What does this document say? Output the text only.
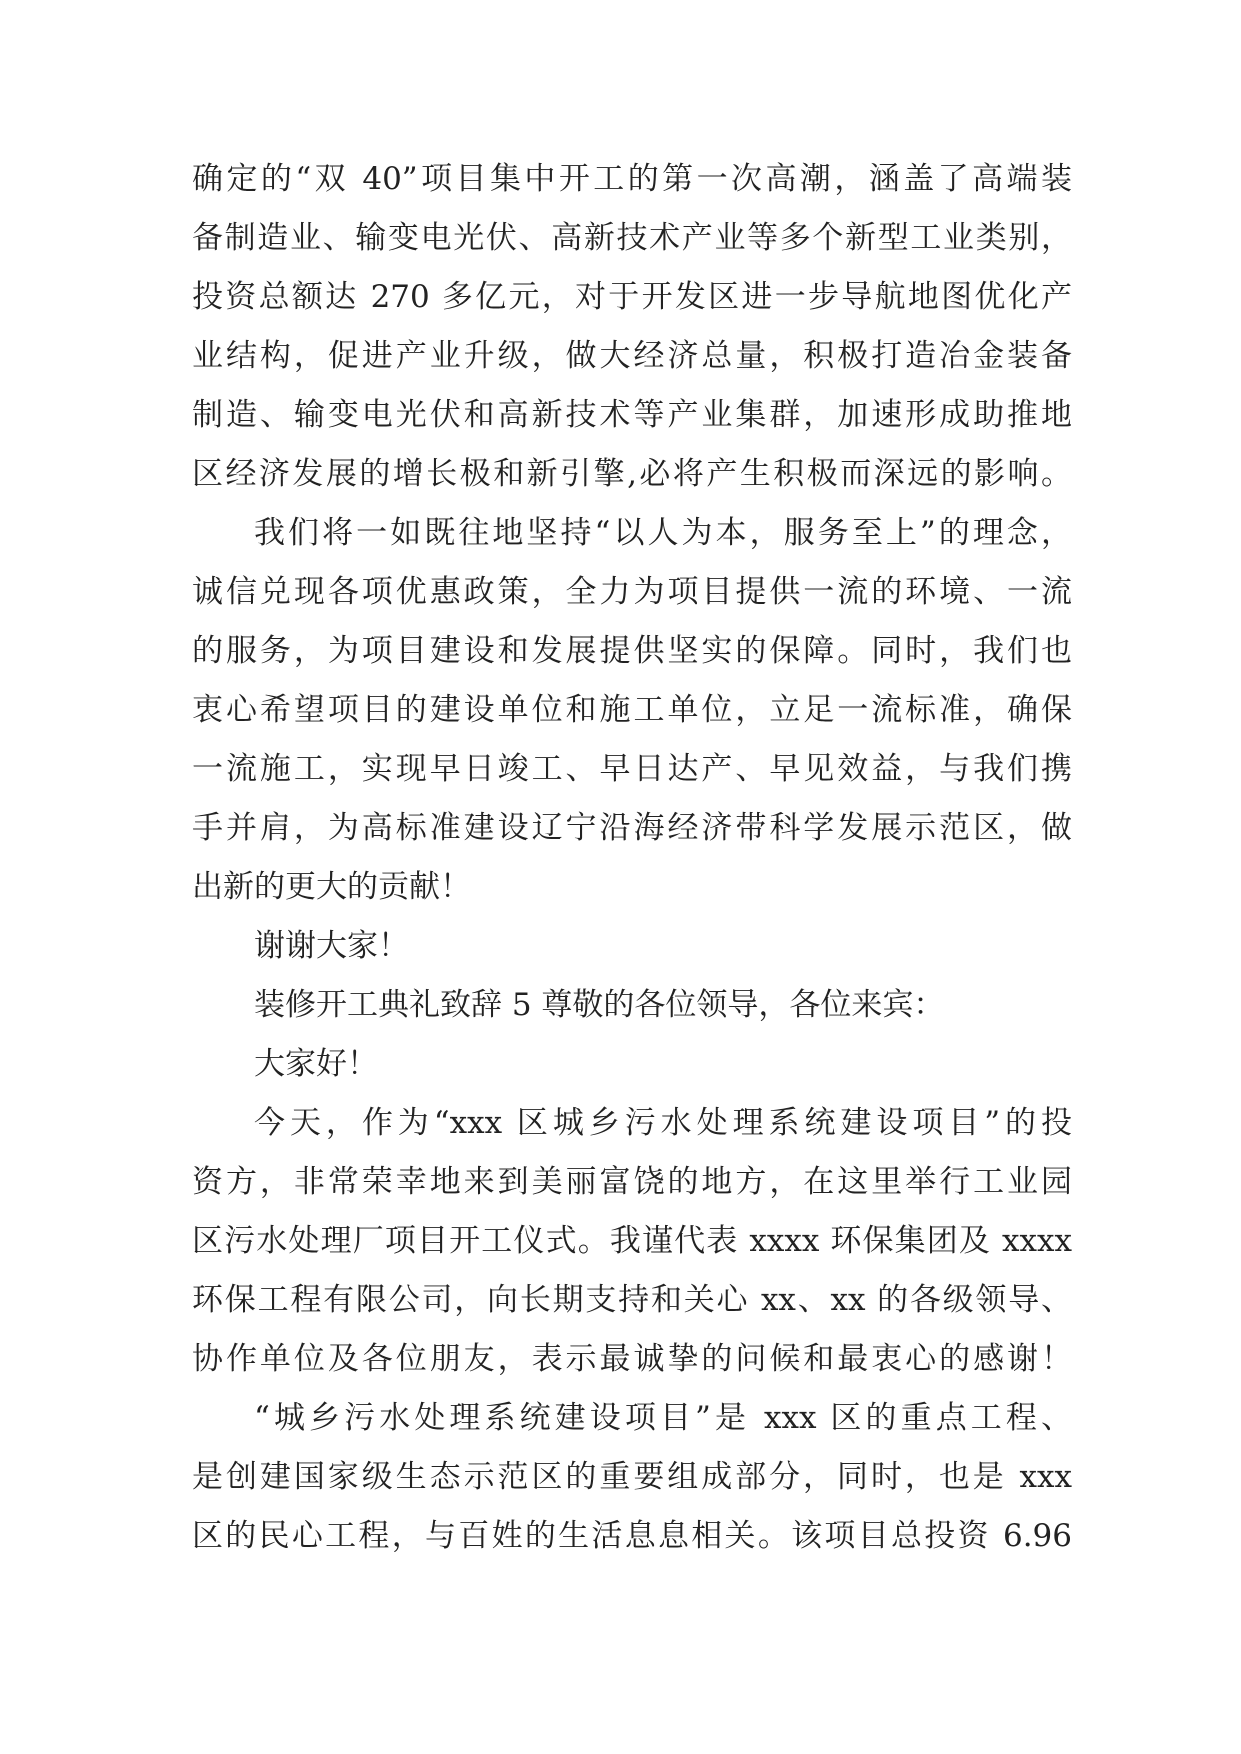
确定的“双 40”项目集中开工的第一次高潮，涵盖了高端装
备制造业、输变电光伏、高新技术产业等多个新型工业类别，
投资总额达 270 多亿元，对于开发区进一步导航地图优化产
业结构，促进产业升级，做大经济总量，积极打造冶金装备
制造、输变电光伏和高新技术等产业集群，加速形成助推地
区经济发展的增长极和新引擎,必将产生积极而深远的影响。
我们将一如既往地坚持“以人为本，服务至上”的理念，
诚信兑现各项优惠政策，全力为项目提供一流的环境、一流
的服务，为项目建设和发展提供坚实的保障。同时，我们也
衷心希望项目的建设单位和施工单位，立足一流标准，确保
一流施工，实现早日竣工、早日达产、早见效益，与我们携
手并肩，为高标准建设辽宁沿海经济带科学发展示范区，做
出新的更大的贡献！
谢谢大家！
装修开工典礼致辞 5 尊敬的各位领导，各位来宾：
大家好！
今天，作为“xxx 区城乡污水处理系统建设项目”的投
资方，非常荣幸地来到美丽富饶的地方，在这里举行工业园
区污水处理厂项目开工仪式。我谨代表 xxxx 环保集团及 xxxx
环保工程有限公司，向长期支持和关心 xx、xx 的各级领导、
协作单位及各位朋友，表示最诚挚的问候和最衷心的感谢！
“城乡污水处理系统建设项目”是 xxx 区的重点工程、
是创建国家级生态示范区的重要组成部分，同时，也是 xxx
区的民心工程，与百姓的生活息息相关。该项目总投资 6.96
